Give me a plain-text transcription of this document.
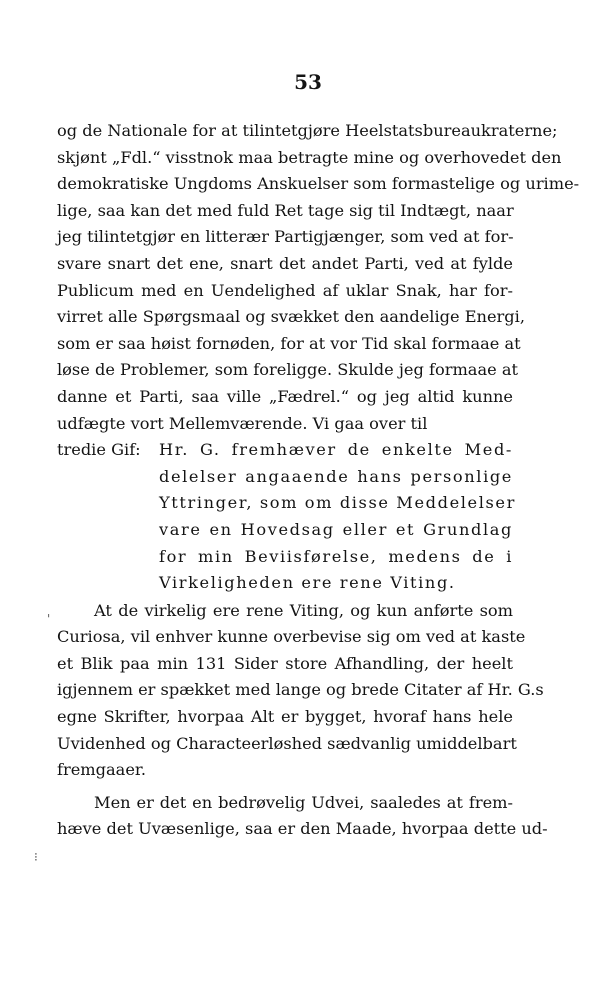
53
og de Nationale for at tilintetgjøre Heelstatsbureaukraterne;
skjønt „Fdl.“ visstnok maa betragte mine og overhovedet den
demokratiske Ungdoms Anskuelser som formastelige og urime-
lige, saa kan det med fuld Ret tage sig til Indtægt, naar
jeg tilintetgjør en litterær Partigjænger, som ved at for-
svare snart det ene, snart det andet Parti, ved at fylde
Publicum med en Uendelighed af uklar Snak, har for-
virret alle Spørgsmaal og svækket den aandelige Energi,
som er saa høist fornøden, for at vor Tid skal formaae at
løse de Problemer, som foreligge. Skulde jeg formaae at
danne et Parti, saa ville „Fædrel.“ og jeg altid kunne
udfægte vort Mellemværende. Vi gaa over til
tredie Gif:	Hr. G. fremhæver de enkelte Med-
delelser angaaende hans personlige
Yttringer, som om disse Meddelelser
vare en Hovedsag eller et Grundlag
for min Beviisførelse, medens de i
Virkeligheden ere rene Viting.
At de virkelig ere rene Viting, og kun anførte som
Curiosa, vil enhver kunne overbevise sig om ved at kaste
et Blik paa min 131 Sider store Afhandling, der heelt
igjennem er spækket med lange og brede Citater af Hr. G.s
egne Skrifter, hvorpaa Alt er bygget, hvoraf hans hele
Uvidenhed og Characteerløshed sædvanlig umiddelbart
fremgaaer.
Men er det en bedrøvelig Udvei, saaledes at frem-
hæve det Uvæsenlige, saa er den Maade, hvorpaa dette ud-
'
⁝
